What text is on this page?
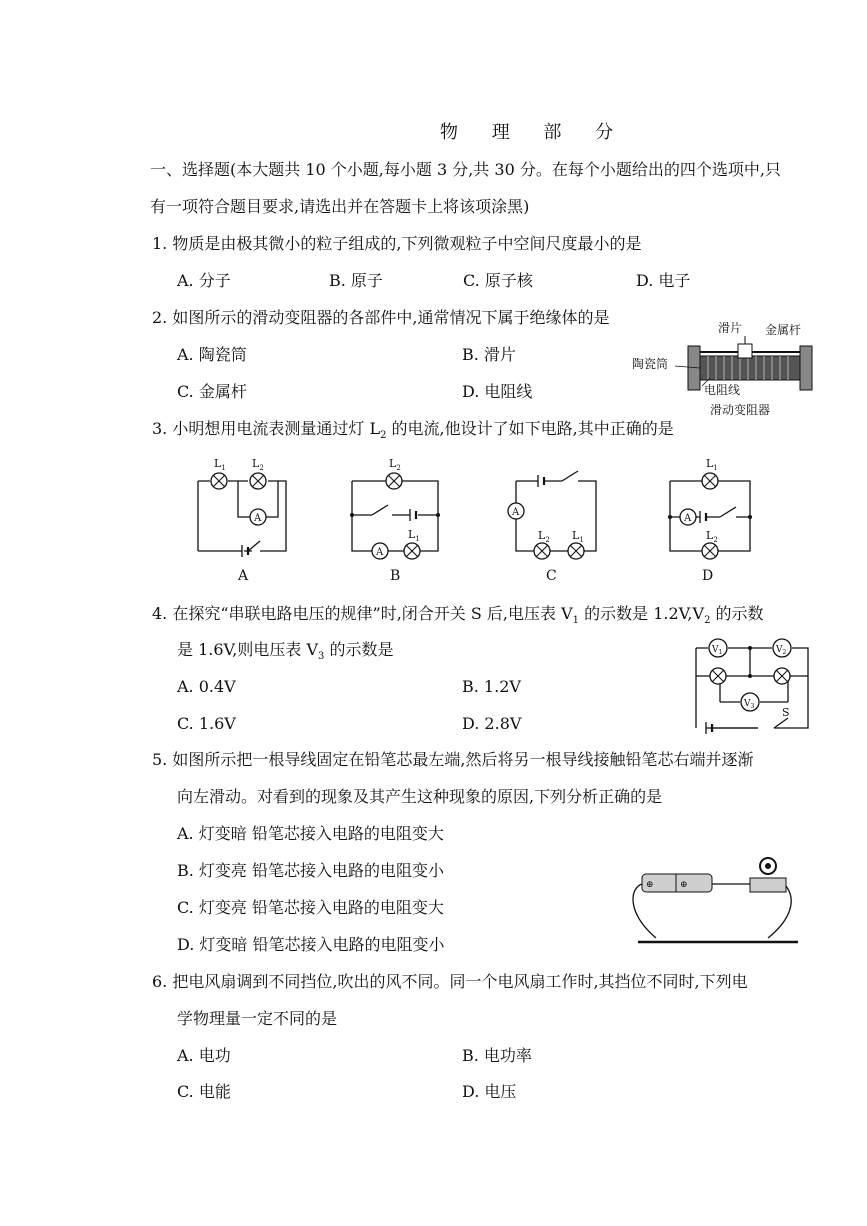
物 理 部 分
一、选择题(本大题共 10 个小题,每小题 3 分,共 30 分。在每个小题给出的四个选项中,只
有一项符合题目要求,请选出并在答题卡上将该项涂黑)
1. 物质是由极其微小的粒子组成的,下列微观粒子中空间尺度最小的是
A. 分子	B. 原子	C. 原子核	D. 电子
2. 如图所示的滑动变阻器的各部件中,通常情况下属于绝缘体的是
A. 陶瓷筒	B. 滑片
C. 金属杆	D. 电阻线
滑片 金属杆
陶瓷筒
电阻线
滑动变阻器
3. 小明想用电流表测量通过灯 $L_2$ 的电流,他设计了如下电路,其中正确的是
A
$L_1$ $L_2$
A
A
$L_2$
$L_1$
B
A
$L_2$ $L_1$
C
A
$L_1$
$L_2$
D
4. 在探究“串联电路电压的规律”时,闭合开关 S 后,电压表 $V_1$ 的示数是 $1.2V,V_2$ 的示数
是 1.6V,则电压表 $V_3$ 的示数是
A. 0.4V	B. 1.2V
C. 1.6V	D. 2.8V
S
$V_1$	$V_2$
$V_3$
5. 如图所示把一根导线固定在铅笔芯最左端,然后将另一根导线接触铅笔芯右端并逐渐
向左滑动。对看到的现象及其产生这种现象的原因,下列分析正确的是
A. 灯变暗 铅笔芯接入电路的电阻变大
B. 灯变亮 铅笔芯接入电路的电阻变小
C. 灯变亮 铅笔芯接入电路的电阻变大
D. 灯变暗 铅笔芯接入电路的电阻变小
⊕	⊕
6. 把电风扇调到不同挡位,吹出的风不同。同一个电风扇工作时,其挡位不同时,下列电
学物理量一定不同的是
A. 电功	B. 电功率
C. 电能	D. 电压
